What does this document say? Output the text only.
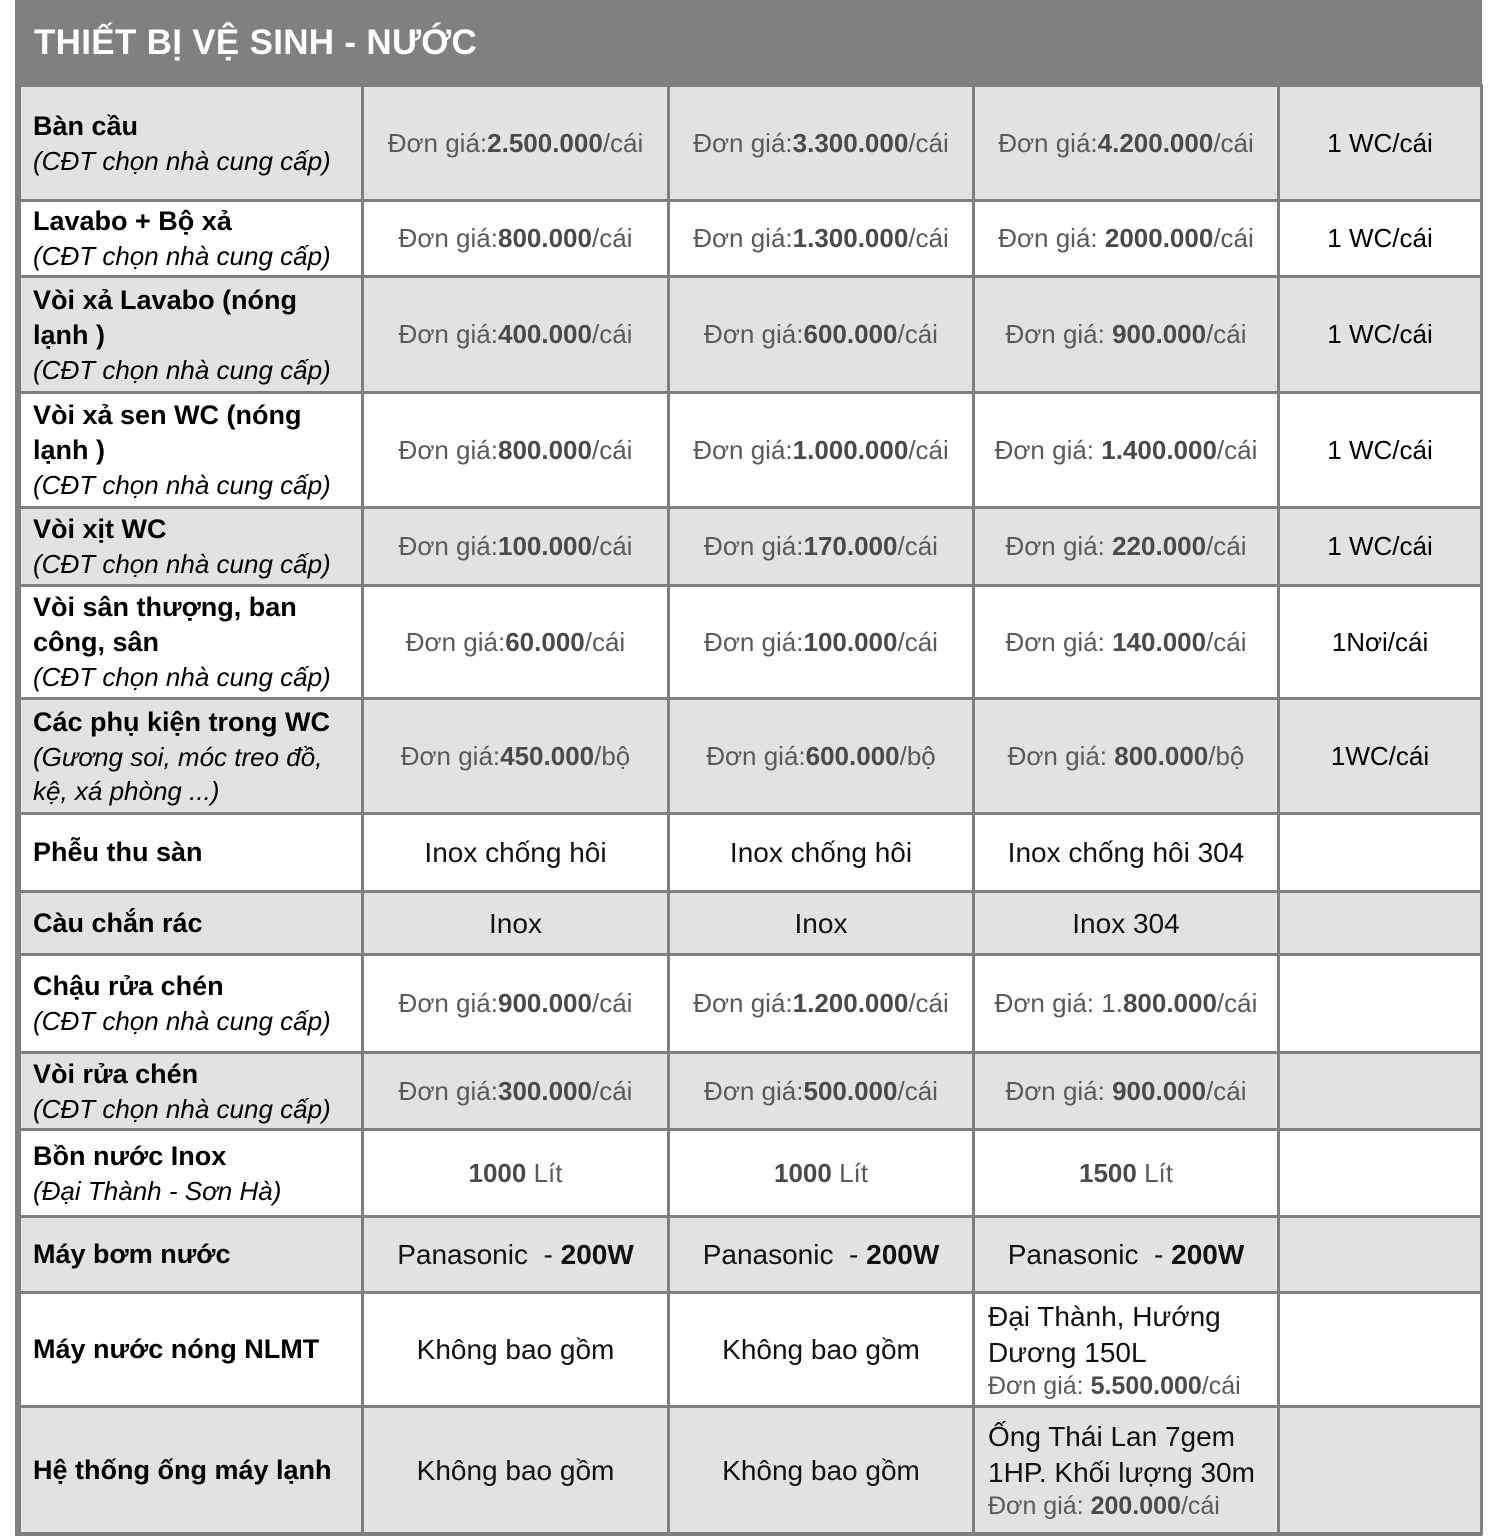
THIẾT BỊ VỆ SINH - NƯỚC
Bàn cầu
(CĐT chọn nhà cung cấp)	Đơn giá:2.500.000/cái	Đơn giá:3.300.000/cái	Đơn giá:4.200.000/cái	1 WC/cái

Lavabo + Bộ xả
(CĐT chọn nhà cung cấp)	Đơn giá:800.000/cái	Đơn giá:1.300.000/cái	Đơn giá: 2000.000/cái	1 WC/cái

Vòi xả Lavabo (nóng lạnh )
(CĐT chọn nhà cung cấp)	Đơn giá:400.000/cái	Đơn giá:600.000/cái	Đơn giá: 900.000/cái	1 WC/cái

Vòi xả sen WC (nóng lạnh )
(CĐT chọn nhà cung cấp)	Đơn giá:800.000/cái	Đơn giá:1.000.000/cái	Đơn giá: 1.400.000/cái	1 WC/cái

Vòi xịt WC
(CĐT chọn nhà cung cấp)	Đơn giá:100.000/cái	Đơn giá:170.000/cái	Đơn giá: 220.000/cái	1 WC/cái

Vòi sân thượng, ban công, sân
(CĐT chọn nhà cung cấp)	Đơn giá:60.000/cái	Đơn giá:100.000/cái	Đơn giá: 140.000/cái	1Nơi/cái

Các phụ kiện trong WC
(Gương soi, móc treo đồ, kệ, xá phòng ...)	Đơn giá:450.000/bộ	Đơn giá:600.000/bộ	Đơn giá: 800.000/bộ	1WC/cái

Phễu thu sàn	Inox chống hôi	Inox chống hôi	Inox chống hôi 304	

Càu chắn rác	Inox	Inox	Inox 304	

Chậu rửa chén
(CĐT chọn nhà cung cấp)	Đơn giá:900.000/cái	Đơn giá:1.200.000/cái	Đơn giá: 1.800.000/cái	

Vòi rửa chén
(CĐT chọn nhà cung cấp)	Đơn giá:300.000/cái	Đơn giá:500.000/cái	Đơn giá: 900.000/cái	

Bồn nước Inox
(Đại Thành - Sơn Hà)	1000 Lít	1000 Lít	1500 Lít	

Máy bơm nước	Panasonic  - 200W	Panasonic  - 200W	Panasonic  - 200W	

Máy nước nóng NLMT	Không bao gồm	Không bao gồm	Đại Thành, Hướng
Dương 150L
Đơn giá: 5.500.000/cái	

Hệ thống ống máy lạnh	Không bao gồm	Không bao gồm	Ống Thái Lan 7gem
1HP. Khối lượng 30m
Đơn giá: 200.000/cái	
